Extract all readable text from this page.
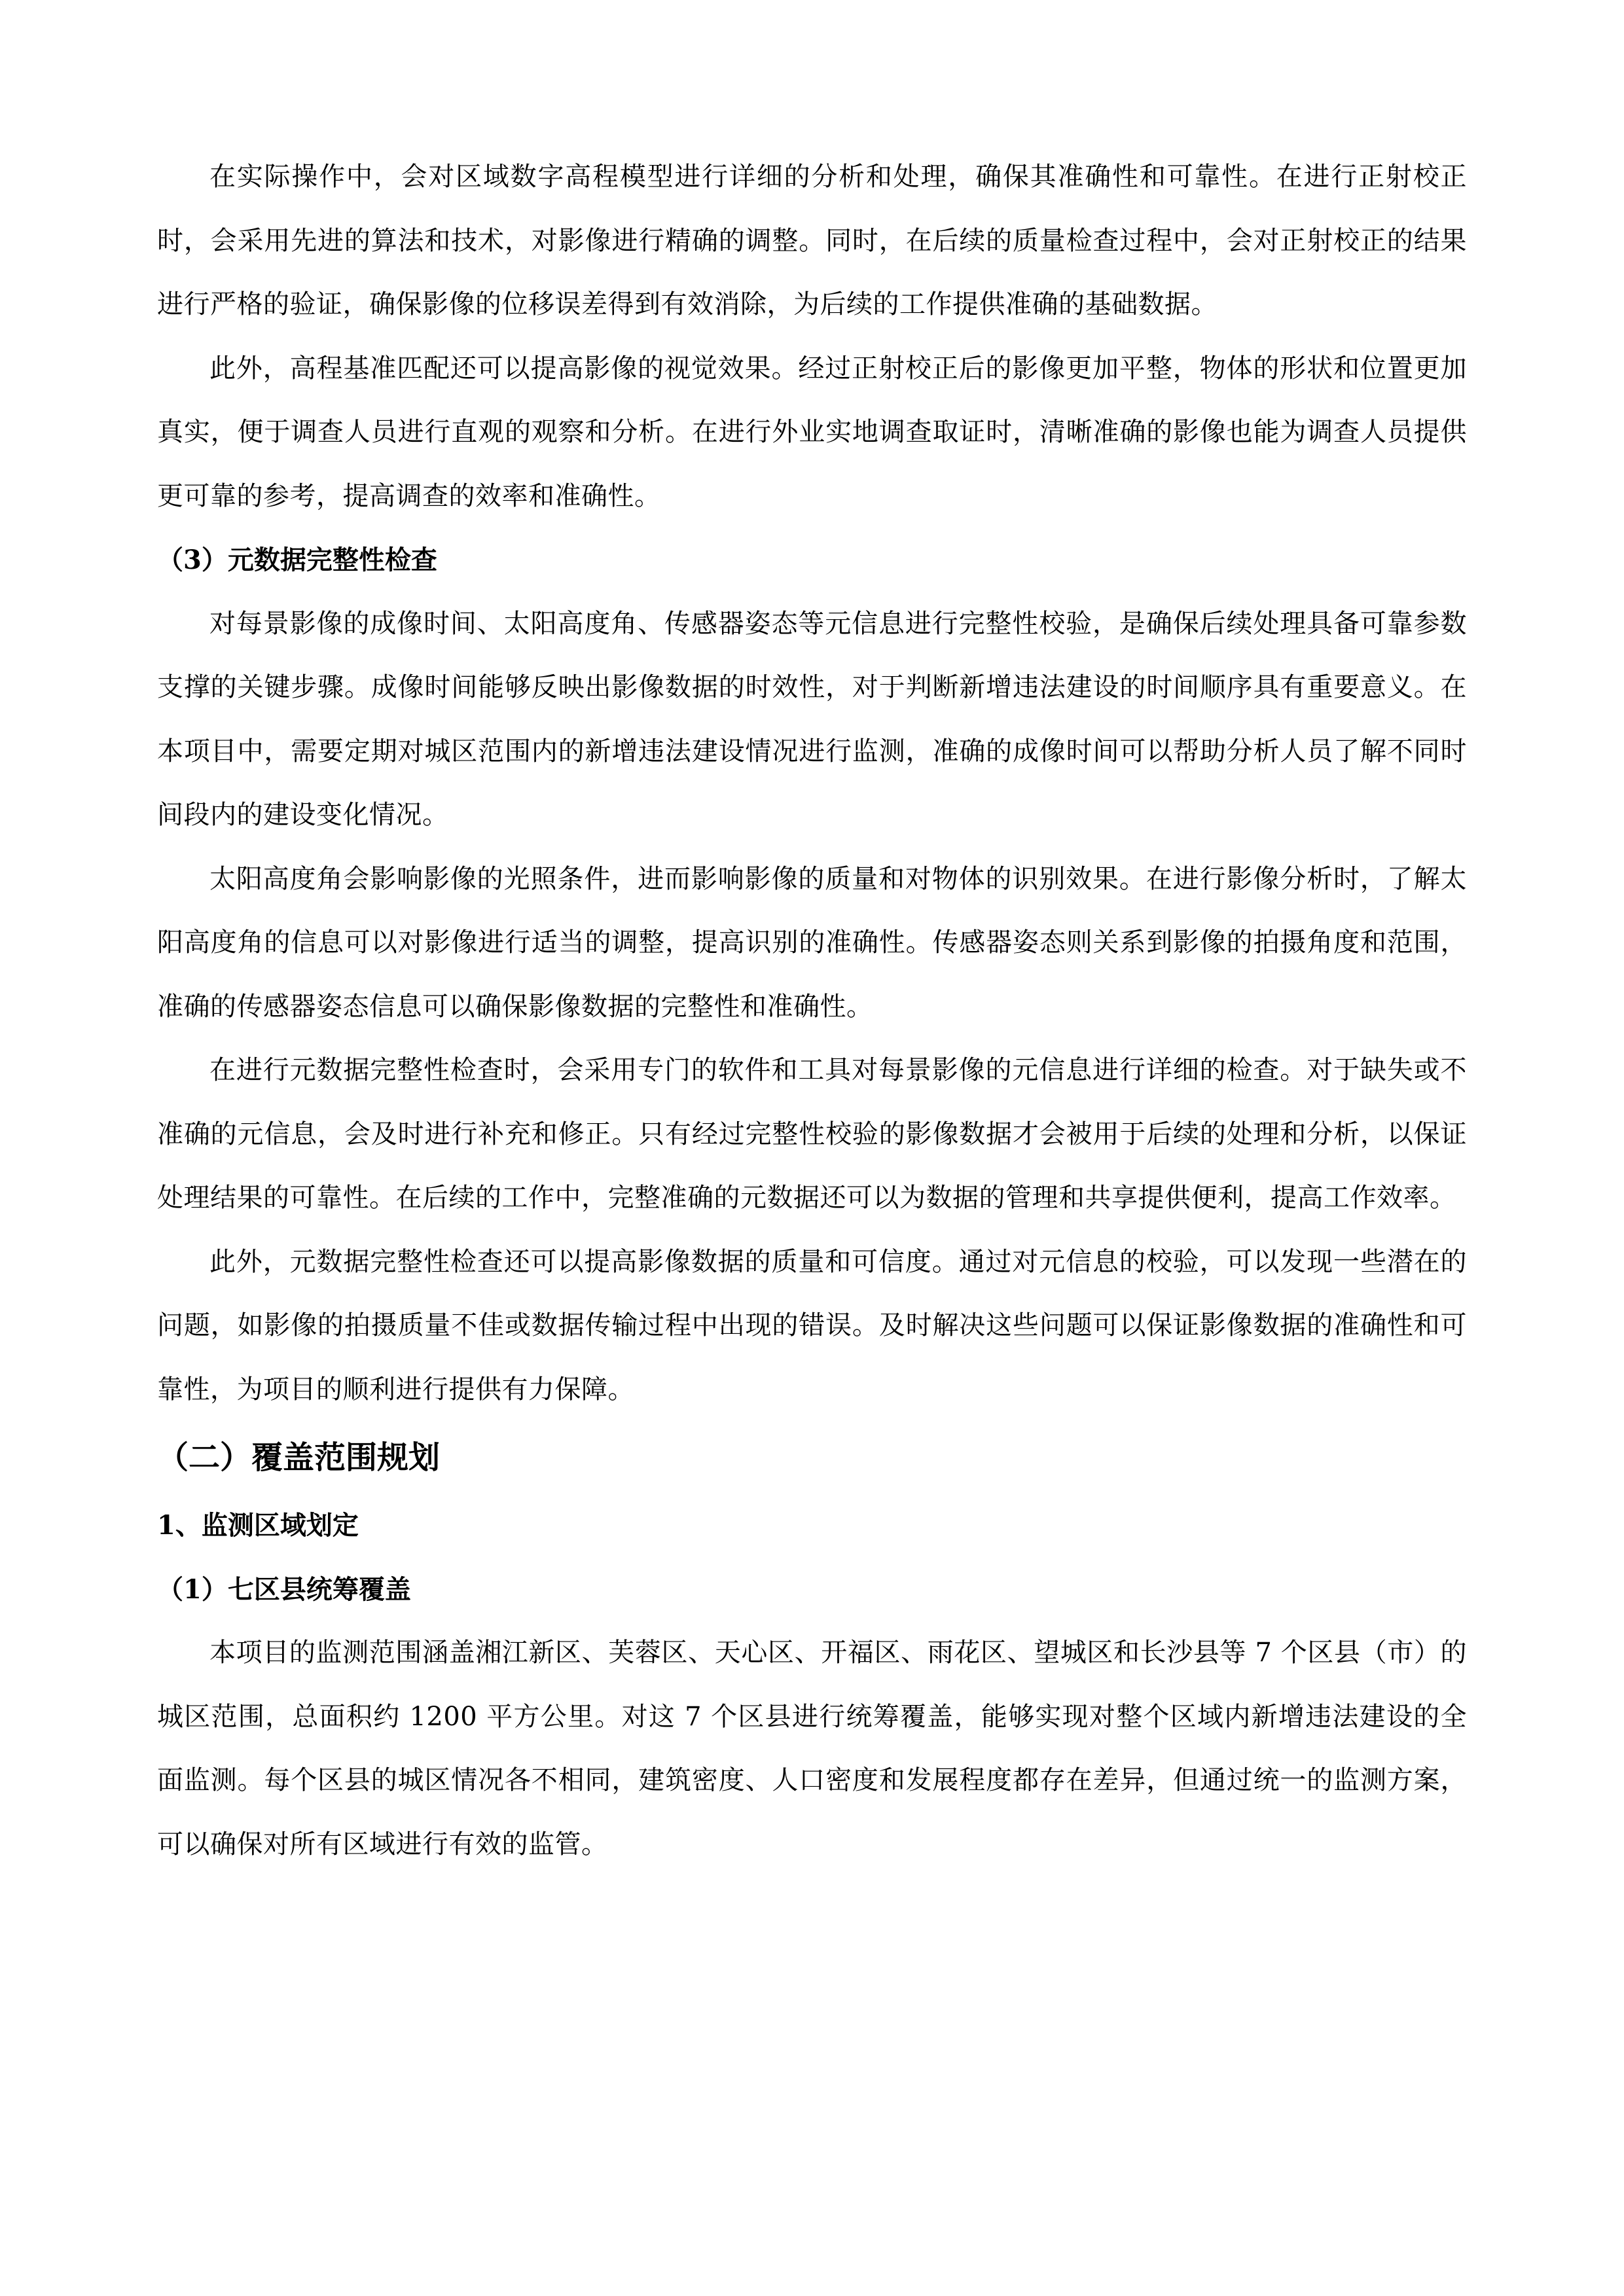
在实际操作中，会对区域数字高程模型进行详细的分析和处理，确保其准确性和可靠性。在进行正射校正时，会采用先进的算法和技术，对影像进行精确的调整。同时，在后续的质量检查过程中，会对正射校正的结果进行严格的验证，确保影像的位移误差得到有效消除，为后续的工作提供准确的基础数据。

此外，高程基准匹配还可以提高影像的视觉效果。经过正射校正后的影像更加平整，物体的形状和位置更加真实，便于调查人员进行直观的观察和分析。在进行外业实地调查取证时，清晰准确的影像也能为调查人员提供更可靠的参考，提高调查的效率和准确性。

（3）元数据完整性检查

对每景影像的成像时间、太阳高度角、传感器姿态等元信息进行完整性校验，是确保后续处理具备可靠参数支撑的关键步骤。成像时间能够反映出影像数据的时效性，对于判断新增违法建设的时间顺序具有重要意义。在本项目中，需要定期对城区范围内的新增违法建设情况进行监测，准确的成像时间可以帮助分析人员了解不同时间段内的建设变化情况。

太阳高度角会影响影像的光照条件，进而影响影像的质量和对物体的识别效果。在进行影像分析时，了解太阳高度角的信息可以对影像进行适当的调整，提高识别的准确性。传感器姿态则关系到影像的拍摄角度和范围，准确的传感器姿态信息可以确保影像数据的完整性和准确性。

在进行元数据完整性检查时，会采用专门的软件和工具对每景影像的元信息进行详细的检查。对于缺失或不准确的元信息，会及时进行补充和修正。只有经过完整性校验的影像数据才会被用于后续的处理和分析，以保证处理结果的可靠性。在后续的工作中，完整准确的元数据还可以为数据的管理和共享提供便利，提高工作效率。

此外，元数据完整性检查还可以提高影像数据的质量和可信度。通过对元信息的校验，可以发现一些潜在的问题，如影像的拍摄质量不佳或数据传输过程中出现的错误。及时解决这些问题可以保证影像数据的准确性和可靠性，为项目的顺利进行提供有力保障。

（二）覆盖范围规划

1、监测区域划定

（1）七区县统筹覆盖

本项目的监测范围涵盖湘江新区、芙蓉区、天心区、开福区、雨花区、望城区和长沙县等 7 个区县（市）的城区范围，总面积约 1200 平方公里。对这 7 个区县进行统筹覆盖，能够实现对整个区域内新增违法建设的全面监测。每个区县的城区情况各不相同，建筑密度、人口密度和发展程度都存在差异，但通过统一的监测方案，可以确保对所有区域进行有效的监管。
